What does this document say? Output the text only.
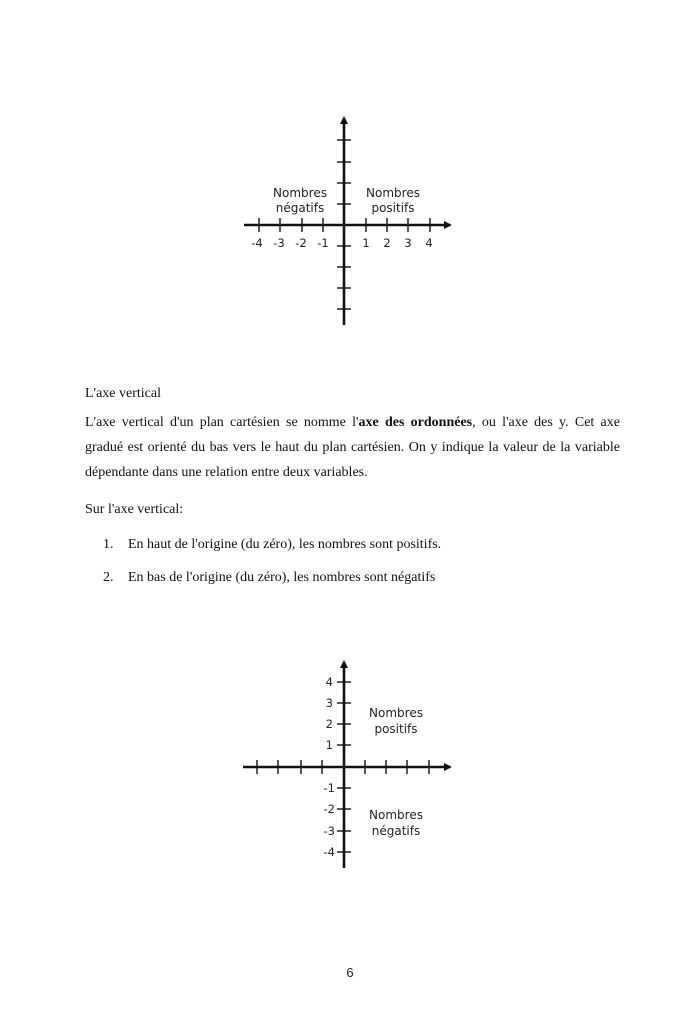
-4 -3 -2 -1	1 2 3 4
Nombres
négatifs
Nombres
positifs
4
3
2
1
-1
-2
-3
-4
Nombres
positifs
Nombres
négatifs
L'axe vertical
L'axe vertical d'un plan cartésien se nomme l'axe des ordonnées, ou l'axe des y. Cet axe gradué est orienté du bas vers le haut du plan cartésien. On y indique la valeur de la variable dépendante dans une relation entre deux variables.
Sur l'axe vertical:
1. En haut de l'origine (du zéro), les nombres sont positifs.
2. En bas de l'origine (du zéro), les nombres sont négatifs
6
